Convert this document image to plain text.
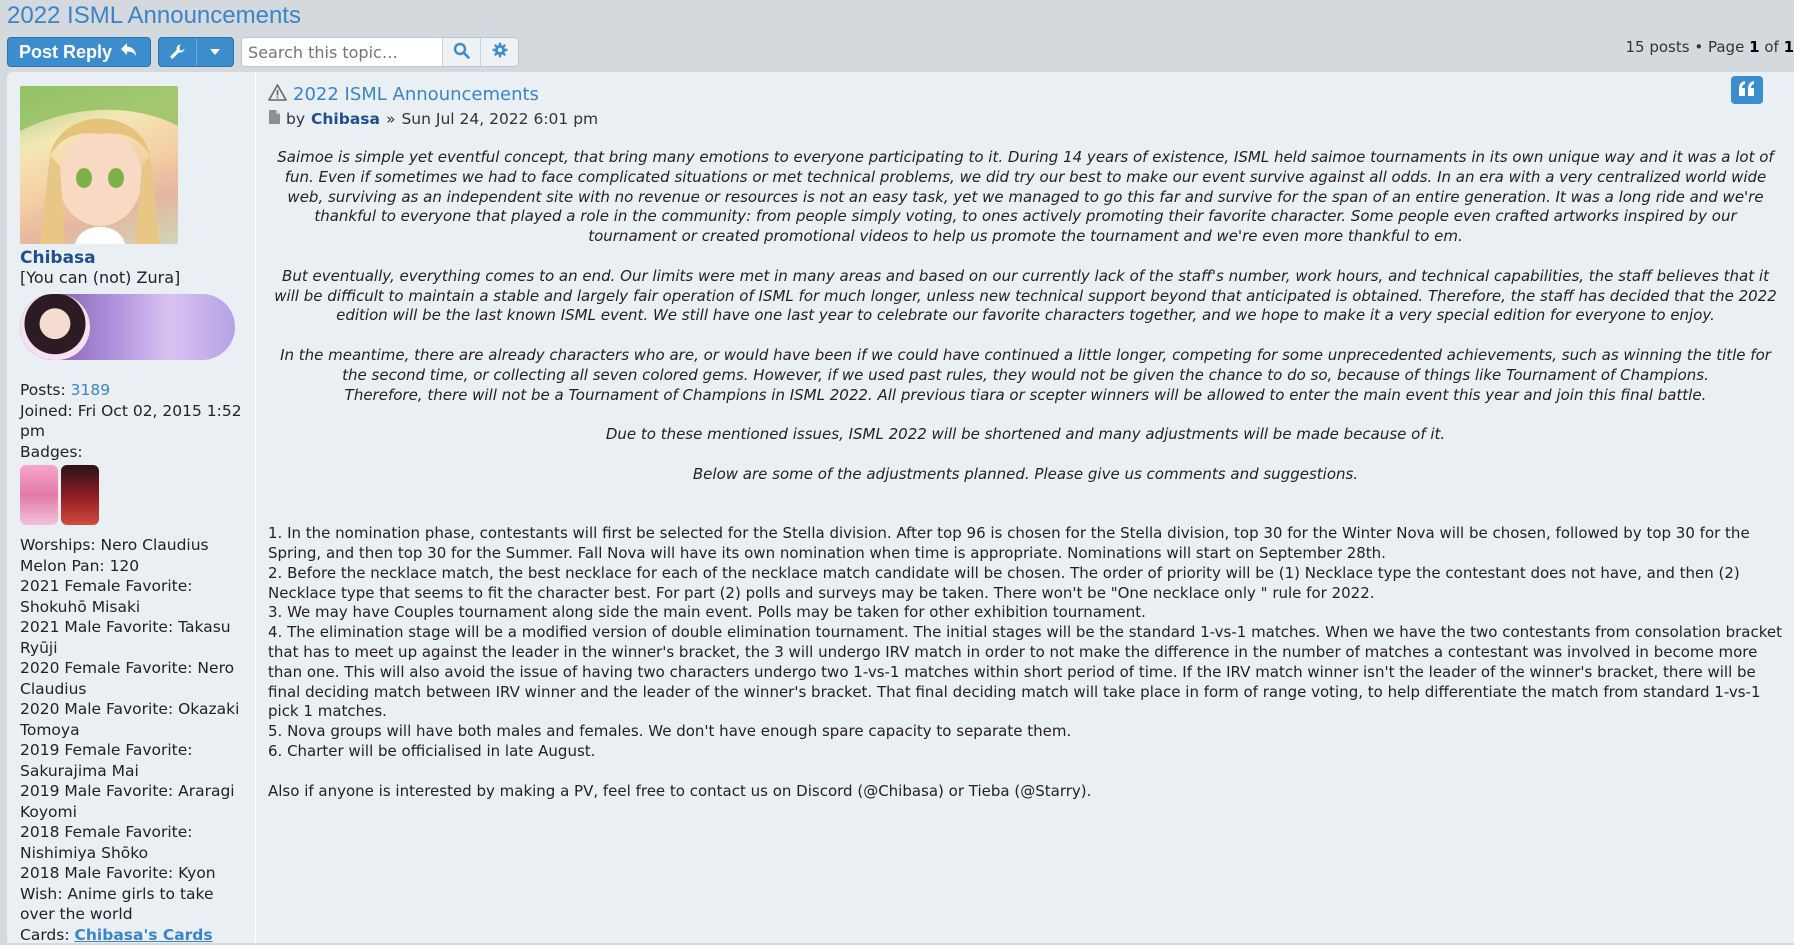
2022 ISML Announcements
Post Reply
Search this topic…	15 posts • Page 1 of 1
Chibasa
[You can (not) Zura]
Posts: 3189
Joined: Fri Oct 02, 2015 1:52 pm
Badges:
Worships: Nero Claudius
Melon Pan: 120
2021 Female Favorite: Shokuhō Misaki
2021 Male Favorite: Takasu Ryūji
2020 Female Favorite: Nero Claudius
2020 Male Favorite: Okazaki Tomoya
2019 Female Favorite: Sakurajima Mai
2019 Male Favorite: Araragi Koyomi
2018 Female Favorite: Nishimiya Shōko
2018 Male Favorite: Kyon
Wish: Anime girls to take over the world
Cards: Chibasa's Cards
2022 ISML Announcements
by Chibasa » Sun Jul 24, 2022 6:01 pm

Saimoe is simple yet eventful concept, that bring many emotions to everyone participating to it. During 14 years of existence, ISML held saimoe tournaments in its own unique way and it was a lot of fun. Even if sometimes we had to face complicated situations or met technical problems, we did try our best to make our event survive against all odds. In an era with a very centralized world wide web, surviving as an independent site with no revenue or resources is not an easy task, yet we managed to go this far and survive for the span of an entire generation. It was a long ride and we're thankful to everyone that played a role in the community: from people simply voting, to ones actively promoting their favorite character. Some people even crafted artworks inspired by our tournament or created promotional videos to help us promote the tournament and we're even more thankful to em.

But eventually, everything comes to an end. Our limits were met in many areas and based on our currently lack of the staff's number, work hours, and technical capabilities, the staff believes that it will be difficult to maintain a stable and largely fair operation of ISML for much longer, unless new technical support beyond that anticipated is obtained. Therefore, the staff has decided that the 2022 edition will be the last known ISML event. We still have one last year to celebrate our favorite characters together, and we hope to make it a very special edition for everyone to enjoy.

In the meantime, there are already characters who are, or would have been if we could have continued a little longer, competing for some unprecedented achievements, such as winning the title for the second time, or collecting all seven colored gems. However, if we used past rules, they would not be given the chance to do so, because of things like Tournament of Champions.

Therefore, there will not be a Tournament of Champions in ISML 2022. All previous tiara or scepter winners will be allowed to enter the main event this year and join this final battle.

Due to these mentioned issues, ISML 2022 will be shortened and many adjustments will be made because of it.

Below are some of the adjustments planned. Please give us comments and suggestions.

1. In the nomination phase, contestants will first be selected for the Stella division. After top 96 is chosen for the Stella division, top 30 for the Winter Nova will be chosen, followed by top 30 for the Spring, and then top 30 for the Summer. Fall Nova will have its own nomination when time is appropriate. Nominations will start on September 28th.
2. Before the necklace match, the best necklace for each of the necklace match candidate will be chosen. The order of priority will be (1) Necklace type the contestant does not have, and then (2) Necklace type that seems to fit the character best. For part (2) polls and surveys may be taken. There won't be "One necklace only " rule for 2022.
3. We may have Couples tournament along side the main event. Polls may be taken for other exhibition tournament.
4. The elimination stage will be a modified version of double elimination tournament. The initial stages will be the standard 1-vs-1 matches. When we have the two contestants from consolation bracket that has to meet up against the leader in the winner's bracket, the 3 will undergo IRV match in order to not make the difference in the number of matches a contestant was involved in become more than one. This will also avoid the issue of having two characters undergo two 1-vs-1 matches within short period of time. If the IRV match winner isn't the leader of the winner's bracket, there will be final deciding match between IRV winner and the leader of the winner's bracket. That final deciding match will take place in form of range voting, to help differentiate the match from standard 1-vs-1 pick 1 matches.
5. Nova groups will have both males and females. We don't have enough spare capacity to separate them.
6. Charter will be officialised in late August.
Also if anyone is interested by making a PV, feel free to contact us on Discord (@Chibasa) or Tieba (@Starry).
